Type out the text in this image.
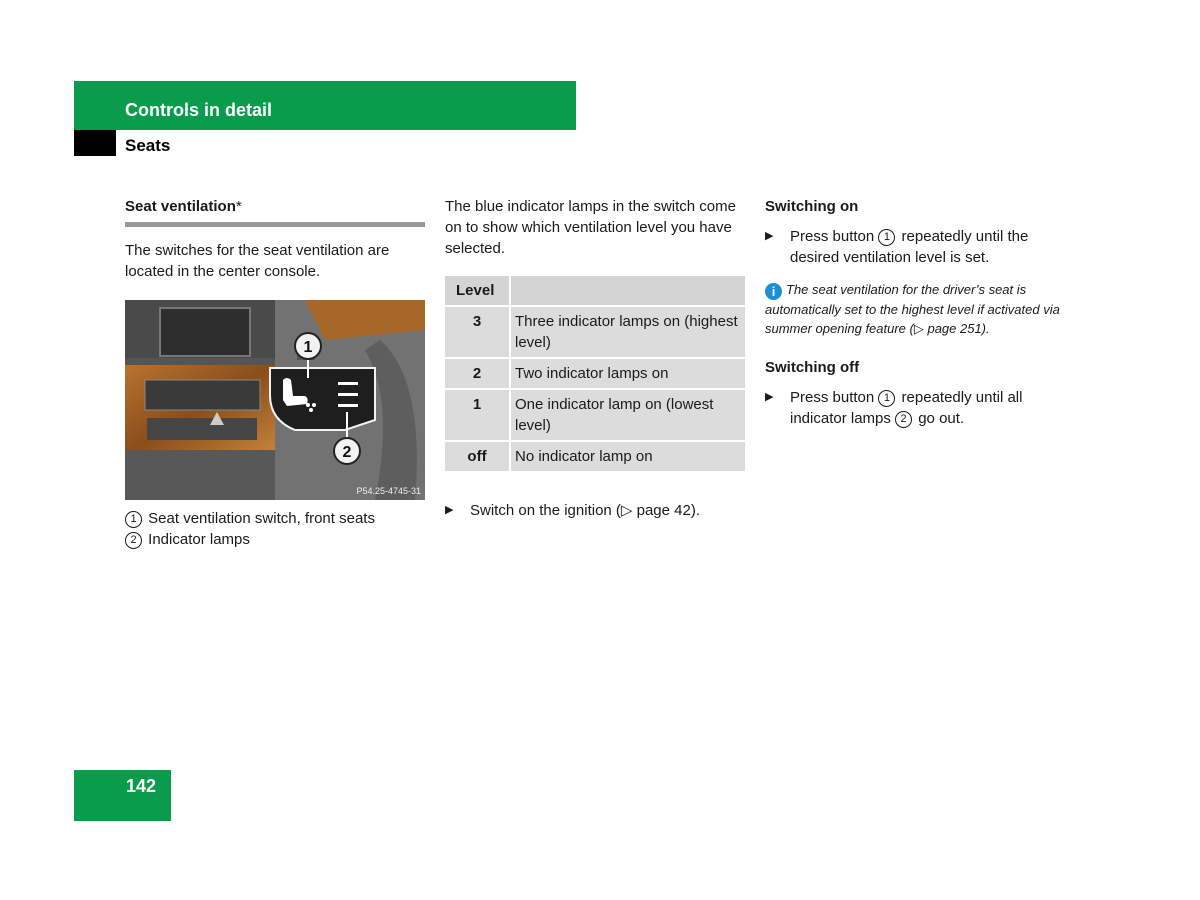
Controls in detail
Seats
Seat ventilation*

The switches for the seat ventilation are located in the center console.

1
2
P54.25-4745-31

1 Seat ventilation switch, front seats

2 Indicator lamps

The blue indicator lamps in the switch come on to show which ventilation level you have selected.

Level	
3	Three indicator lamps on (highest level)
2	Two indicator lamps on
1	One indicator lamp on (lowest level)
off	No indicator lamp on
▶ Switch on the ignition (▷ page 42).
Switching on
▶ Press button 1 repeatedly until the desired ventilation level is set.

i The seat ventilation for the driver’s seat is automatically set to the highest level if activated via summer opening feature (▷ page 251).

Switching off
▶ Press button 1 repeatedly until all indicator lamps 2 go out.
142
